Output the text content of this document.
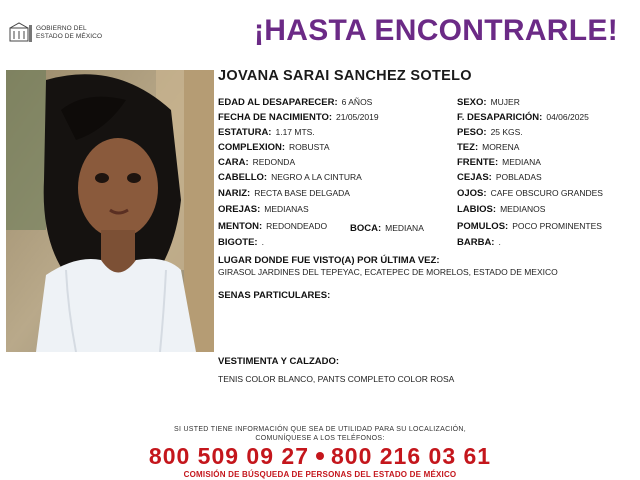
GOBIERNO DEL
ESTADO DE MÉXICO	¡HASTA ENCONTRARLE!
JOVANA SARAI SANCHEZ SOTELO
EDAD AL DESAPARECER: 6 AÑOS
FECHA DE NACIMIENTO: 21/05/2019
ESTATURA: 1.17 MTS.
COMPLEXION: ROBUSTA
CARA: REDONDA
CABELLO: NEGRO A LA CINTURA
NARIZ: RECTA BASE DELGADA
OREJAS: MEDIANAS
MENTON: REDONDEADO BOCA: MEDIANA
BIGOTE: .
SEXO: MUJER
F. DESAPARICIÓN: 04/06/2025
PESO: 25 KGS.
TEZ: MORENA
FRENTE: MEDIANA
CEJAS: POBLADAS
OJOS: CAFE OBSCURO GRANDES
LABIOS: MEDIANOS
POMULOS: POCO PROMINENTES
BARBA: .
LUGAR DONDE FUE VISTO(A) POR ÚLTIMA VEZ:
GIRASOL JARDINES DEL TEPEYAC, ECATEPEC DE MORELOS, ESTADO DE MEXICO
SENAS PARTICULARES:
VESTIMENTA Y CALZADO:
TENIS COLOR BLANCO, PANTS COMPLETO COLOR ROSA
SI USTED TIENE INFORMACIÓN QUE SEA DE UTILIDAD PARA SU LOCALIZACIÓN,
COMUNÍQUESE A LOS TELÉFONOS:
800 509 09 27 800 216 03 61
COMISIÓN DE BÚSQUEDA DE PERSONAS DEL ESTADO DE MÉXICO
